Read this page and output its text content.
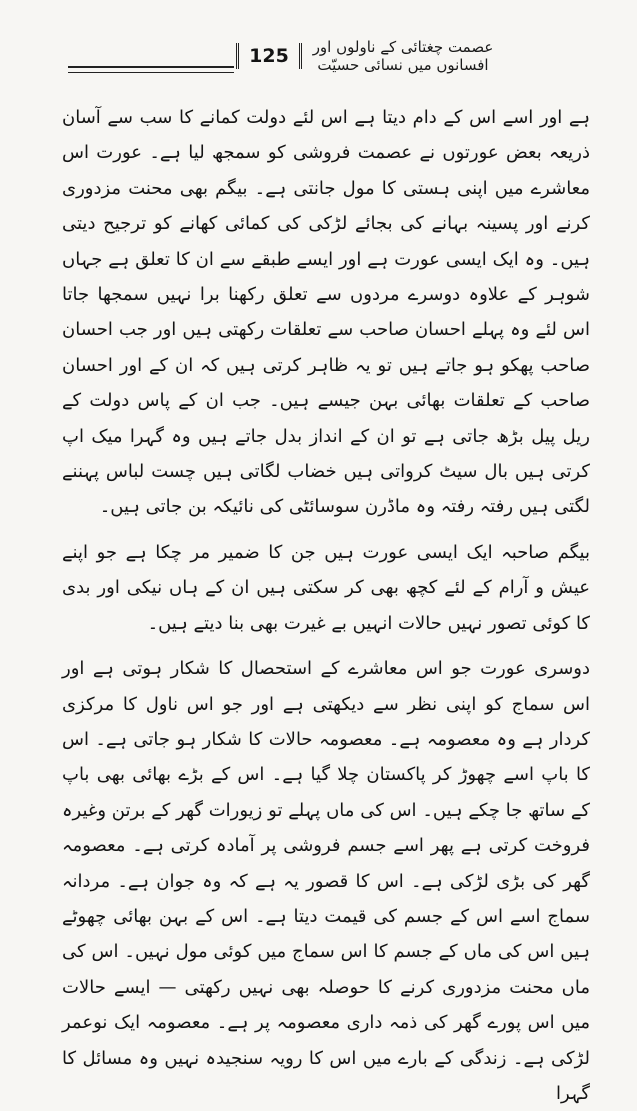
عصمت چغتائی کے ناولوں اور
افسانوں میں نسائی حسیّت
125

ہے اور اسے اس کے دام دیتا ہے اس لئے دولت کمانے کا سب سے آسان ذریعہ بعض عورتوں نے عصمت فروشی کو سمجھ لیا ہے۔ عورت اس معاشرے میں اپنی ہستی کا مول جانتی ہے۔ بیگم بھی محنت مزدوری کرنے اور پسینہ بہانے کی بجائے لڑکی کی کمائی کھانے کو ترجیح دیتی ہیں۔ وہ ایک ایسی عورت ہے اور ایسے طبقے سے ان کا تعلق ہے جہاں شوہر کے علاوہ دوسرے مردوں سے تعلق رکھنا برا نہیں سمجھا جاتا اس لئے وہ پہلے احسان صاحب سے تعلقات رکھتی ہیں اور جب احسان صاحب پھکو ہو جاتے ہیں تو یہ ظاہر کرتی ہیں کہ ان کے اور احسان صاحب کے تعلقات بھائی بہن جیسے ہیں۔ جب ان کے پاس دولت کے ریل پیل بڑھ جاتی ہے تو ان کے انداز بدل جاتے ہیں وہ گہرا میک اپ کرتی ہیں بال سیٹ کرواتی ہیں خضاب لگاتی ہیں چست لباس پہننے لگتی ہیں رفتہ رفتہ وہ ماڈرن سوسائٹی کی نائیکہ بن جاتی ہیں۔

بیگم صاحبہ ایک ایسی عورت ہیں جن کا ضمیر مر چکا ہے جو اپنے عیش و آرام کے لئے کچھ بھی کر سکتی ہیں ان کے ہاں نیکی اور بدی کا کوئی تصور نہیں حالات انہیں بے غیرت بھی بنا دیتے ہیں۔

دوسری عورت جو اس معاشرے کے استحصال کا شکار ہوتی ہے اور اس سماج کو اپنی نظر سے دیکھتی ہے اور جو اس ناول کا مرکزی کردار ہے وہ معصومہ ہے۔ معصومہ حالات کا شکار ہو جاتی ہے۔ اس کا باپ اسے چھوڑ کر پاکستان چلا گیا ہے۔ اس کے بڑے بھائی بھی باپ کے ساتھ جا چکے ہیں۔ اس کی ماں پہلے تو زیورات گھر کے برتن وغیرہ فروخت کرتی ہے پھر اسے جسم فروشی پر آمادہ کرتی ہے۔ معصومہ گھر کی بڑی لڑکی ہے۔ اس کا قصور یہ ہے کہ وہ جوان ہے۔ مردانہ سماج اسے اس کے جسم کی قیمت دیتا ہے۔ اس کے بہن بھائی چھوٹے ہیں اس کی ماں کے جسم کا اس سماج میں کوئی مول نہیں۔ اس کی ماں محنت مزدوری کرنے کا حوصلہ بھی نہیں رکھتی — ایسے حالات میں اس پورے گھر کی ذمہ داری معصومہ پر ہے۔ معصومہ ایک نوعمر لڑکی ہے۔ زندگی کے بارے میں اس کا رویہ سنجیدہ نہیں وہ مسائل کا گہرا
